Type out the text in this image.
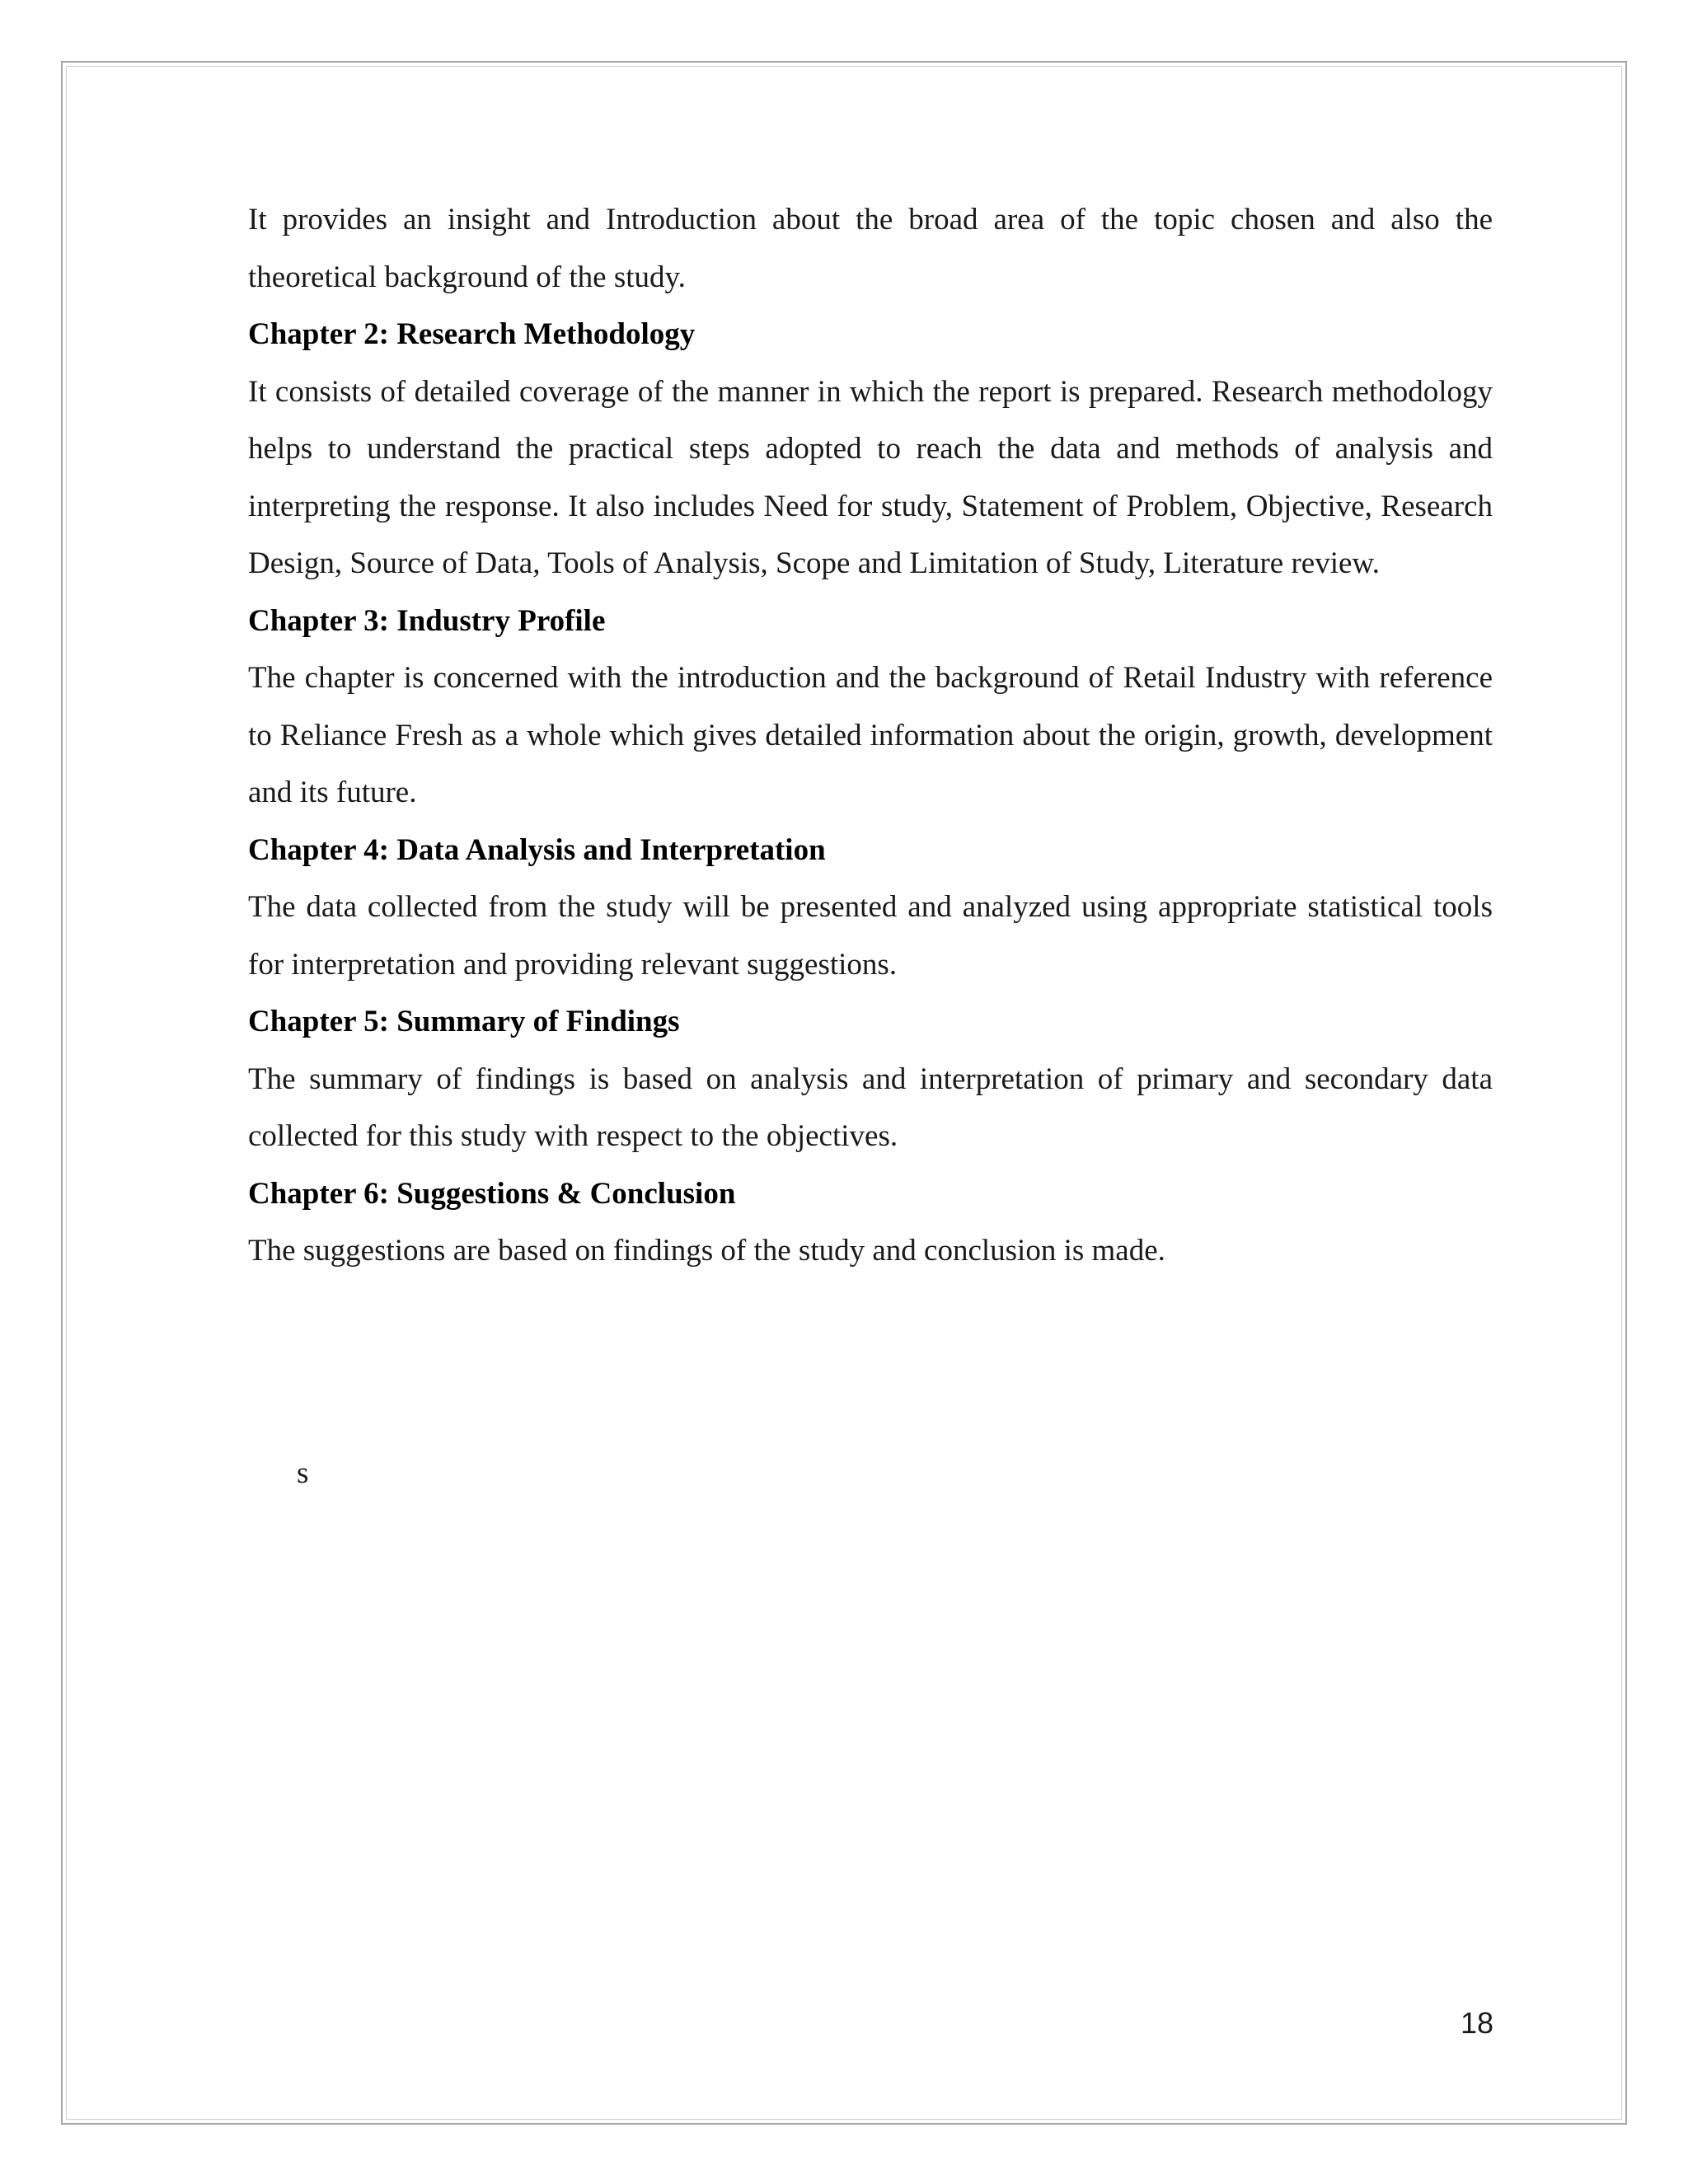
It provides an insight and Introduction about the broad area of the topic chosen and also the theoretical background of the study.

Chapter 2: Research Methodology

It consists of detailed coverage of the manner in which the report is prepared. Research methodology helps to understand the practical steps adopted to reach the data and methods of analysis and interpreting the response. It also includes Need for study, Statement of Problem, Objective, Research Design, Source of Data, Tools of Analysis, Scope and Limitation of Study, Literature review.

Chapter 3: Industry Profile

The chapter is concerned with the introduction and the background of Retail Industry with reference to Reliance Fresh as a whole which gives detailed information about the origin, growth, development and its future.

Chapter 4: Data Analysis and Interpretation

The data collected from the study will be presented and analyzed using appropriate statistical tools for interpretation and providing relevant suggestions.

Chapter 5: Summary of Findings

The summary of findings is based on analysis and interpretation of primary and secondary data collected for this study with respect to the objectives.

Chapter 6: Suggestions & Conclusion

The suggestions are based on findings of the study and conclusion is made.

s
18
